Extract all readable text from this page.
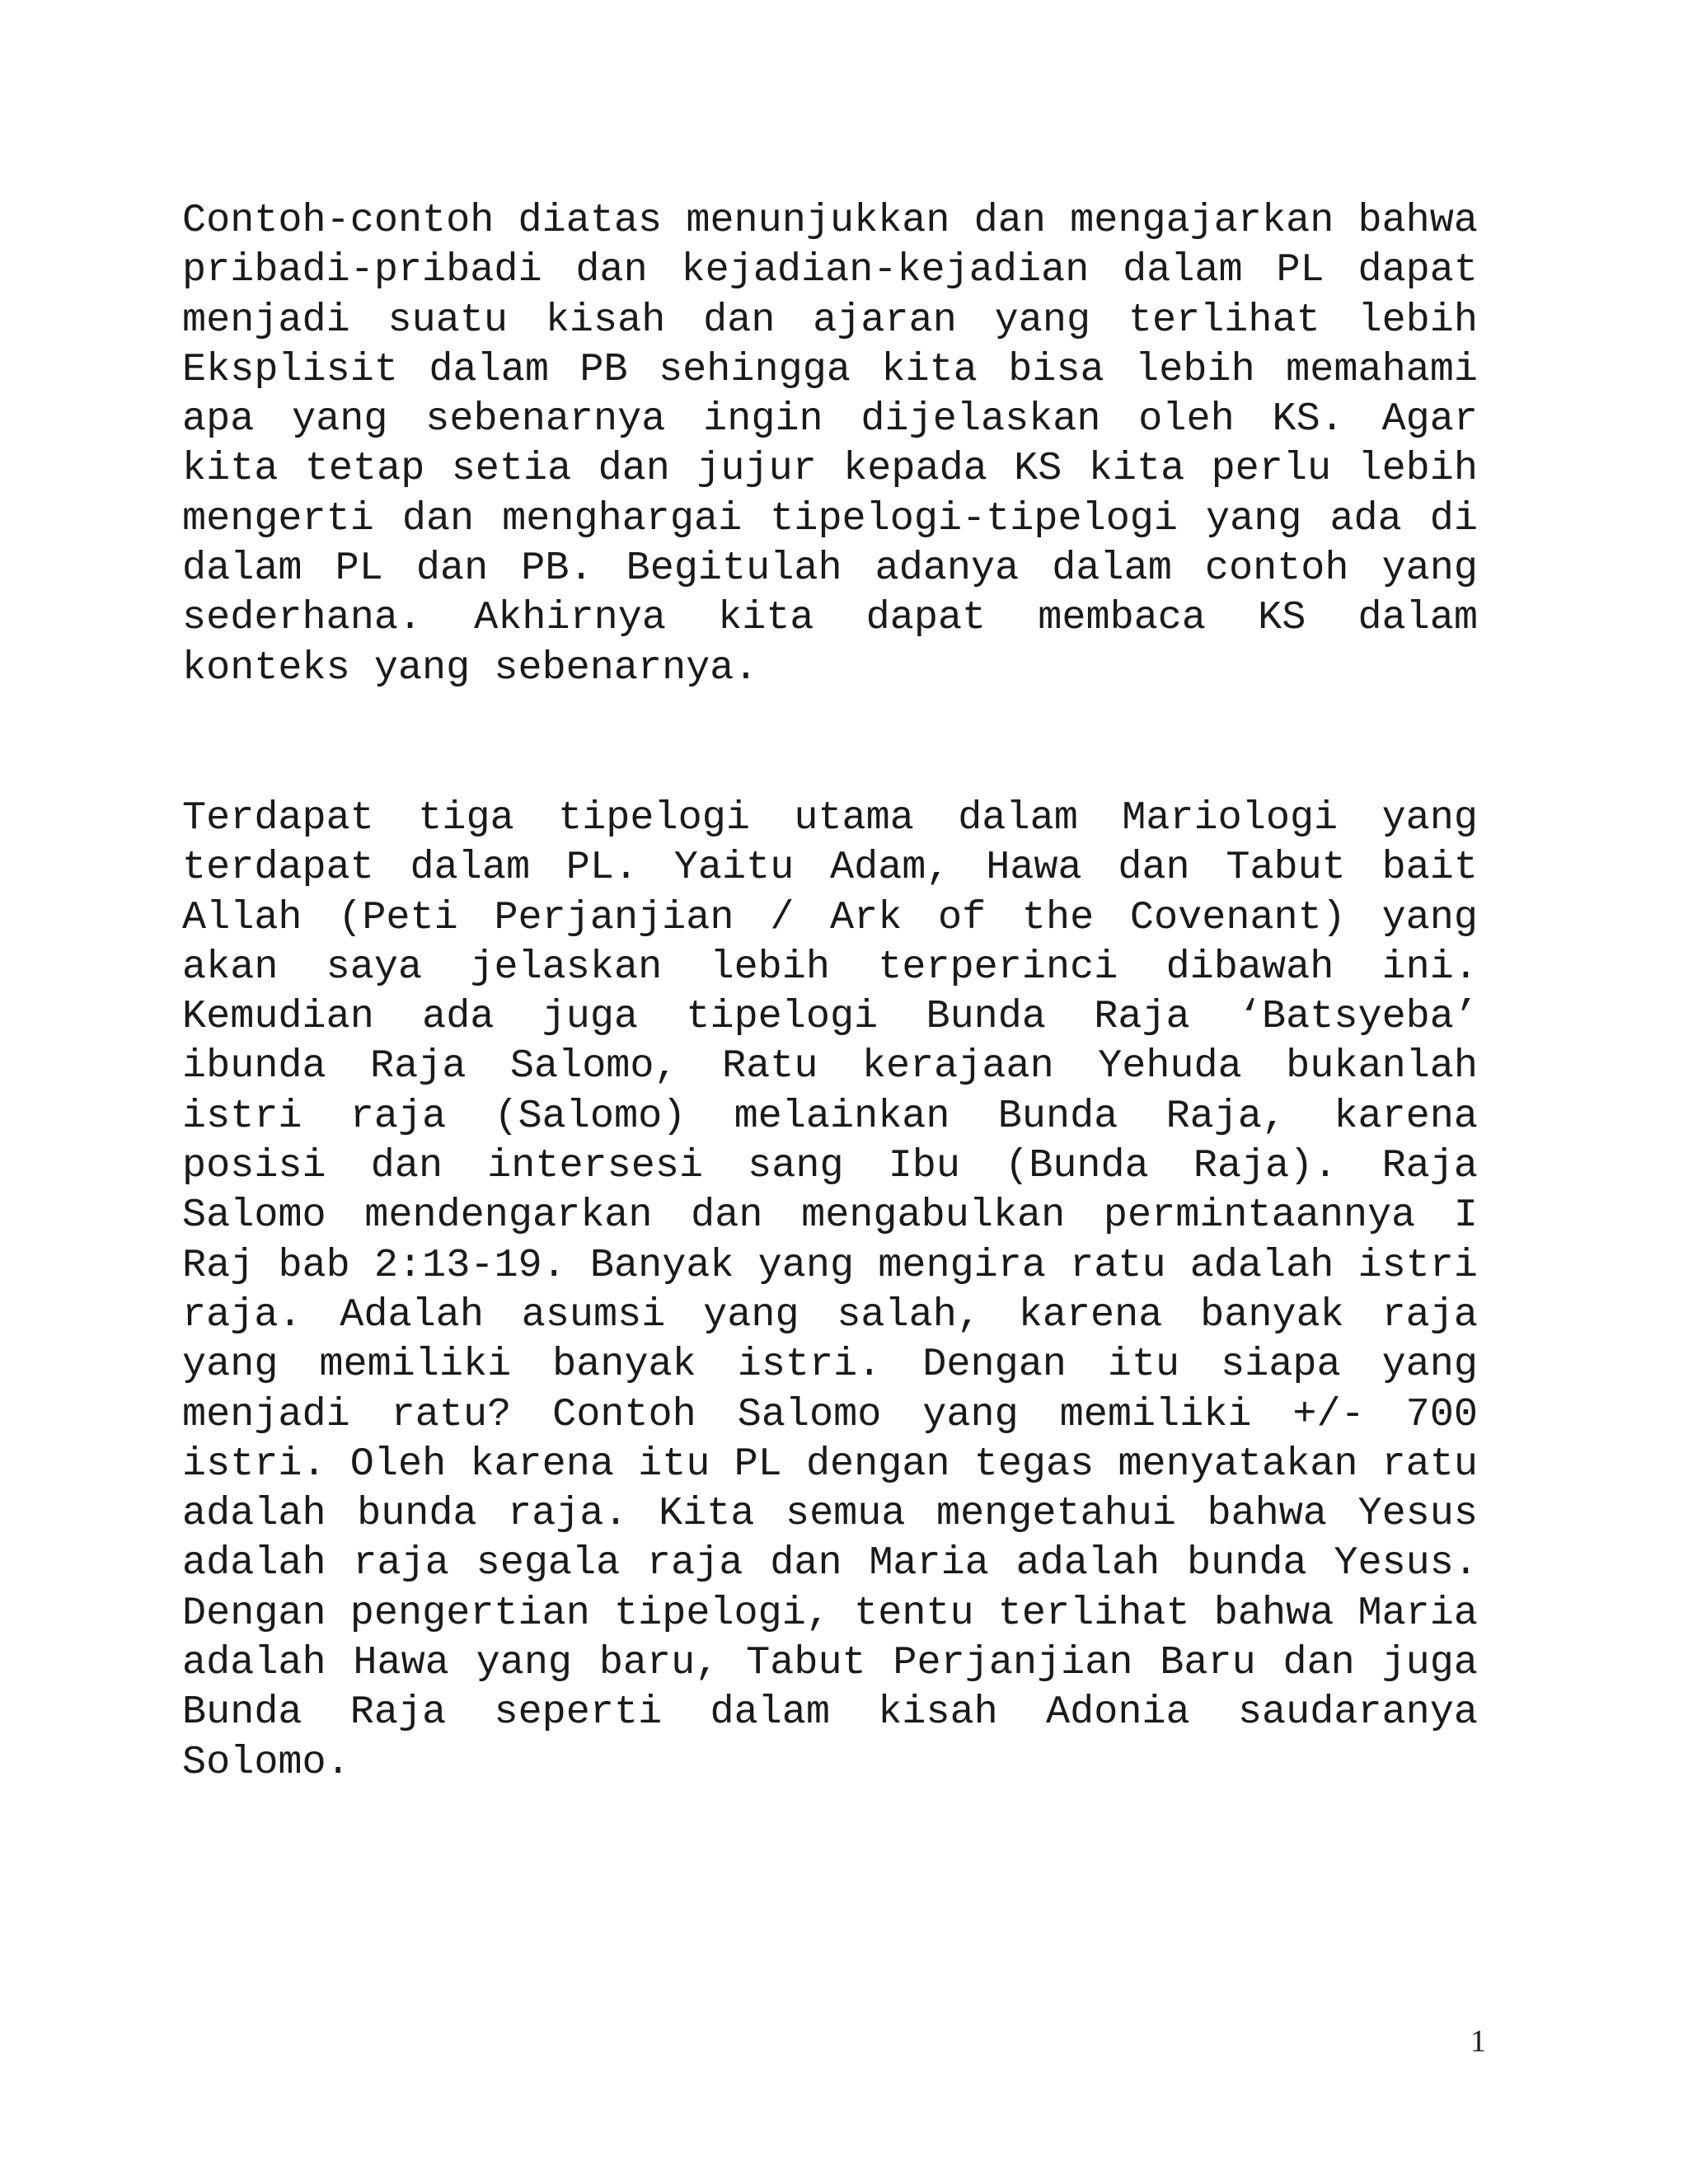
Contoh-contoh diatas menunjukkan dan mengajarkan bahwa pribadi-pribadi dan kejadian-kejadian dalam PL dapat menjadi suatu kisah dan ajaran yang terlihat lebih Eksplisit dalam PB sehingga kita bisa lebih memahami apa yang sebenarnya ingin dijelaskan oleh KS. Agar kita tetap setia dan jujur kepada KS kita perlu lebih mengerti dan menghargai tipelogi-tipelogi yang ada di dalam PL dan PB. Begitulah adanya dalam contoh yang sederhana. Akhirnya kita dapat membaca KS dalam konteks yang sebenarnya.

Terdapat tiga tipelogi utama dalam Mariologi yang terdapat dalam PL. Yaitu Adam, Hawa dan Tabut bait Allah (Peti Perjanjian / Ark of the Covenant) yang akan saya jelaskan lebih terperinci dibawah ini. Kemudian ada juga tipelogi Bunda Raja ‘Batsyeba’ ibunda Raja Salomo, Ratu kerajaan Yehuda bukanlah istri raja (Salomo) melainkan Bunda Raja, karena posisi dan intersesi sang Ibu (Bunda Raja). Raja Salomo mendengarkan dan mengabulkan permintaannya I Raj bab 2:13-19. Banyak yang mengira ratu adalah istri raja. Adalah asumsi yang salah, karena banyak raja yang memiliki banyak istri. Dengan itu siapa yang menjadi ratu? Contoh Salomo yang memiliki +/- 700 istri. Oleh karena itu PL dengan tegas menyatakan ratu adalah bunda raja. Kita semua mengetahui bahwa Yesus adalah raja segala raja dan Maria adalah bunda Yesus. Dengan pengertian tipelogi, tentu terlihat bahwa Maria adalah Hawa yang baru, Tabut Perjanjian Baru dan juga Bunda Raja seperti dalam kisah Adonia saudaranya Solomo.

1
